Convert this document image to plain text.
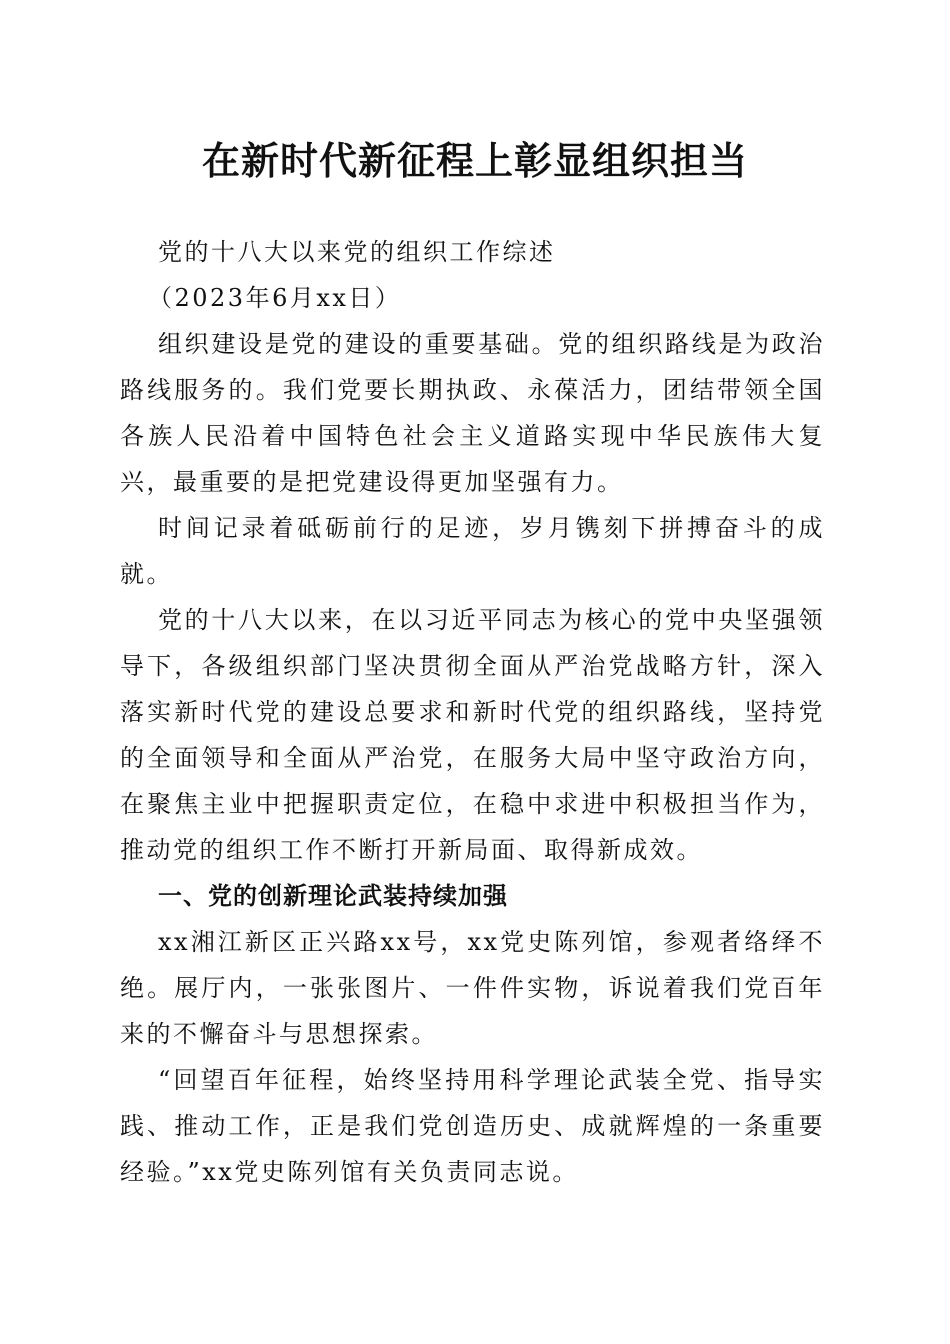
在新时代新征程上彰显组织担当

党的十八大以来党的组织工作综述

（2023年6月xx日）

组织建设是党的建设的重要基础。党的组织路线是为政治路线服务的。我们党要长期执政、永葆活力，团结带领全国各族人民沿着中国特色社会主义道路实现中华民族伟大复兴，最重要的是把党建设得更加坚强有力。

时间记录着砥砺前行的足迹，岁月镌刻下拼搏奋斗的成就。

党的十八大以来，在以习近平同志为核心的党中央坚强领导下，各级组织部门坚决贯彻全面从严治党战略方针，深入落实新时代党的建设总要求和新时代党的组织路线，坚持党的全面领导和全面从严治党，在服务大局中坚守政治方向，在聚焦主业中把握职责定位，在稳中求进中积极担当作为，推动党的组织工作不断打开新局面、取得新成效。

一、党的创新理论武装持续加强

xx湘江新区正兴路xx号，xx党史陈列馆，参观者络绎不绝。展厅内，一张张图片、一件件实物，诉说着我们党百年来的不懈奋斗与思想探索。

“回望百年征程，始终坚持用科学理论武装全党、指导实践、推动工作，正是我们党创造历史、成就辉煌的一条重要经验。”xx党史陈列馆有关负责同志说。
